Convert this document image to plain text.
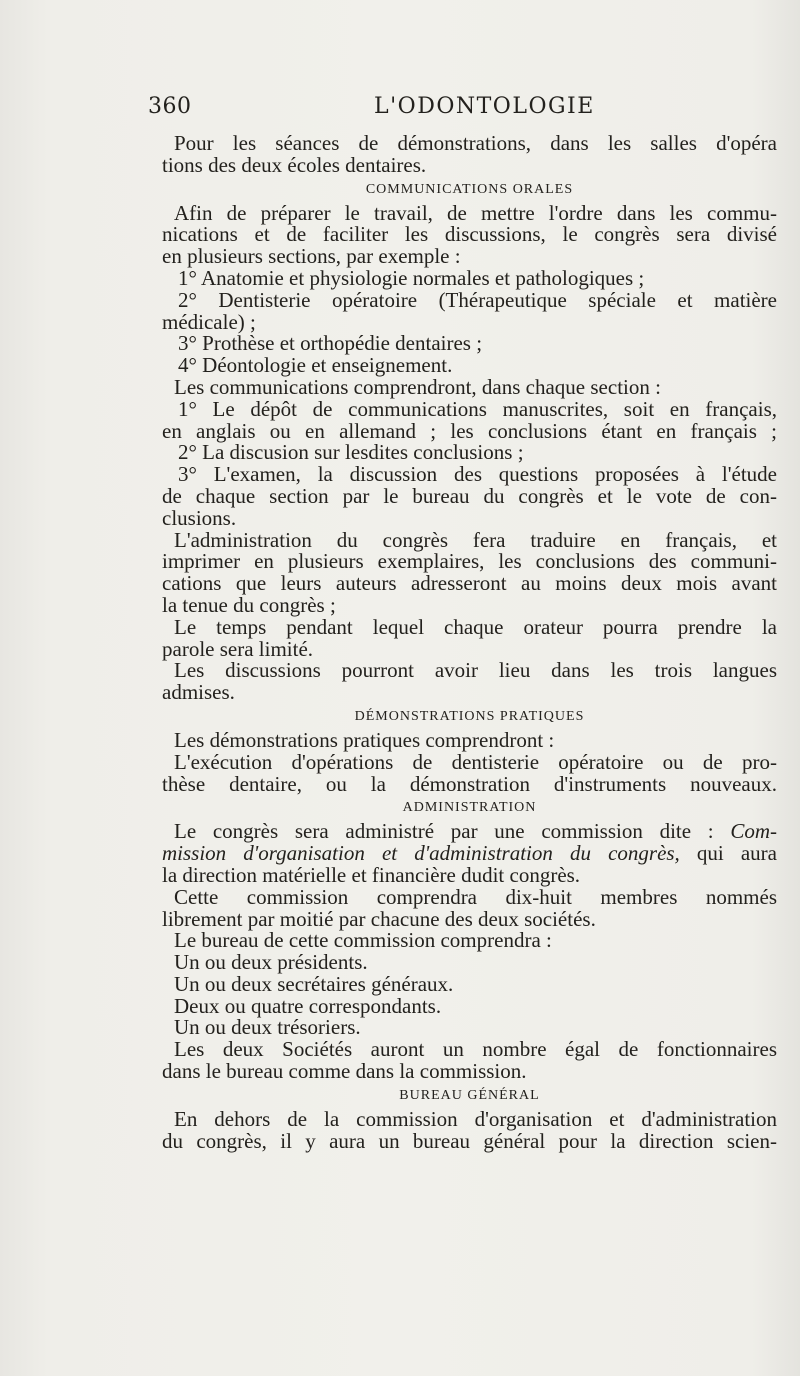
360	L'ODONTOLOGIE
Pour les séances de démonstrations, dans les salles d'opéra
tions des deux écoles dentaires.
COMMUNICATIONS ORALES
Afin de préparer le travail, de mettre l'ordre dans les commu-
nications et de faciliter les discussions, le congrès sera divisé
en plusieurs sections, par exemple :
1° Anatomie et physiologie normales et pathologiques ;
2° Dentisterie opératoire (Thérapeutique spéciale et matière
médicale) ;
3° Prothèse et orthopédie dentaires ;
4° Déontologie et enseignement.
Les communications comprendront, dans chaque section :
1° Le dépôt de communications manuscrites, soit en français,
en anglais ou en allemand ; les conclusions étant en français ;
2° La discusion sur lesdites conclusions ;
3° L'examen, la discussion des questions proposées à l'étude
de chaque section par le bureau du congrès et le vote de con-
clusions.
L'administration du congrès fera traduire en français, et
imprimer en plusieurs exemplaires, les conclusions des communi-
cations que leurs auteurs adresseront au moins deux mois avant
la tenue du congrès ;
Le temps pendant lequel chaque orateur pourra prendre la
parole sera limité.
Les discussions pourront avoir lieu dans les trois langues
admises.
DÉMONSTRATIONS PRATIQUES
Les démonstrations pratiques comprendront :
L'exécution d'opérations de dentisterie opératoire ou de pro-
thèse dentaire, ou la démonstration d'instruments nouveaux.
ADMINISTRATION
Le congrès sera administré par une commission dite : Com-
mission d'organisation et d'administration du congrès, qui aura
la direction matérielle et financière dudit congrès.
Cette commission comprendra dix-huit membres nommés
librement par moitié par chacune des deux sociétés.
Le bureau de cette commission comprendra :
Un ou deux présidents.
Un ou deux secrétaires généraux.
Deux ou quatre correspondants.
Un ou deux trésoriers.
Les deux Sociétés auront un nombre égal de fonctionnaires
dans le bureau comme dans la commission.
BUREAU GÉNÉRAL
En dehors de la commission d'organisation et d'administration
du congrès, il y aura un bureau général pour la direction scien-
